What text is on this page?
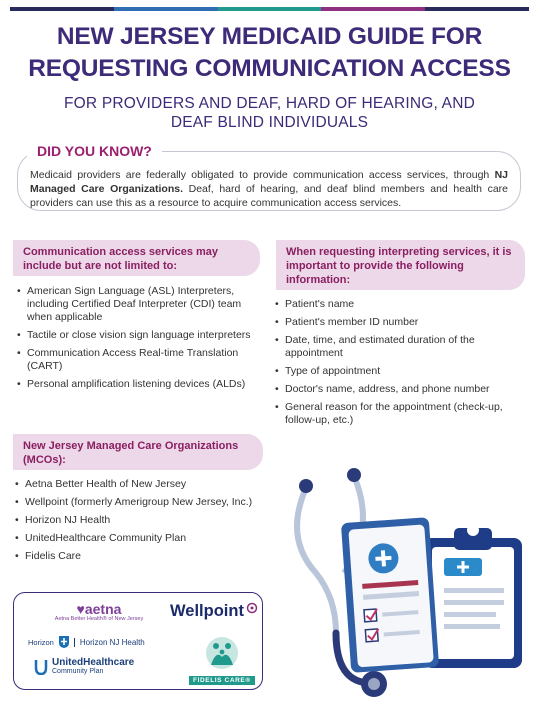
NEW JERSEY MEDICAID GUIDE FOR
REQUESTING COMMUNICATION ACCESS

FOR PROVIDERS AND DEAF, HARD OF HEARING, AND
DEAF BLIND INDIVIDUALS

DID YOU KNOW?

Medicaid providers are federally obligated to provide communication access services, through NJ Managed Care Organizations. Deaf, hard of hearing, and deaf blind members and health care providers can use this as a resource to acquire communication access services.

Communication access services may include but are not limited to:
• American Sign Language (ASL) Interpreters, including Certified Deaf Interpreter (CDI) team when applicable
• Tactile or close vision sign language interpreters
• Communication Access Real-time Translation (CART)
• Personal amplification listening devices (ALDs)
When requesting interpreting services, it is important to provide the following information:
• Patient's name
• Patient's member ID number
• Date, time, and estimated duration of the appointment
• Type of appointment
• Doctor's name, address, and phone number
• General reason for the appointment (check-up, follow-up, etc.)
New Jersey Managed Care Organizations (MCOs):
• Aetna Better Health of New Jersey
• Wellpoint (formerly Amerigroup New Jersey, Inc.)
• Horizon NJ Health
• UnitedHealthcare Community Plan
• Fidelis Care
♥aetna
Aetna Better Health® of New Jersey Wellpoint
Horizon	Horizon NJ Health
UnitedHealthcare
Community Plan
FIDELIS CARE®
